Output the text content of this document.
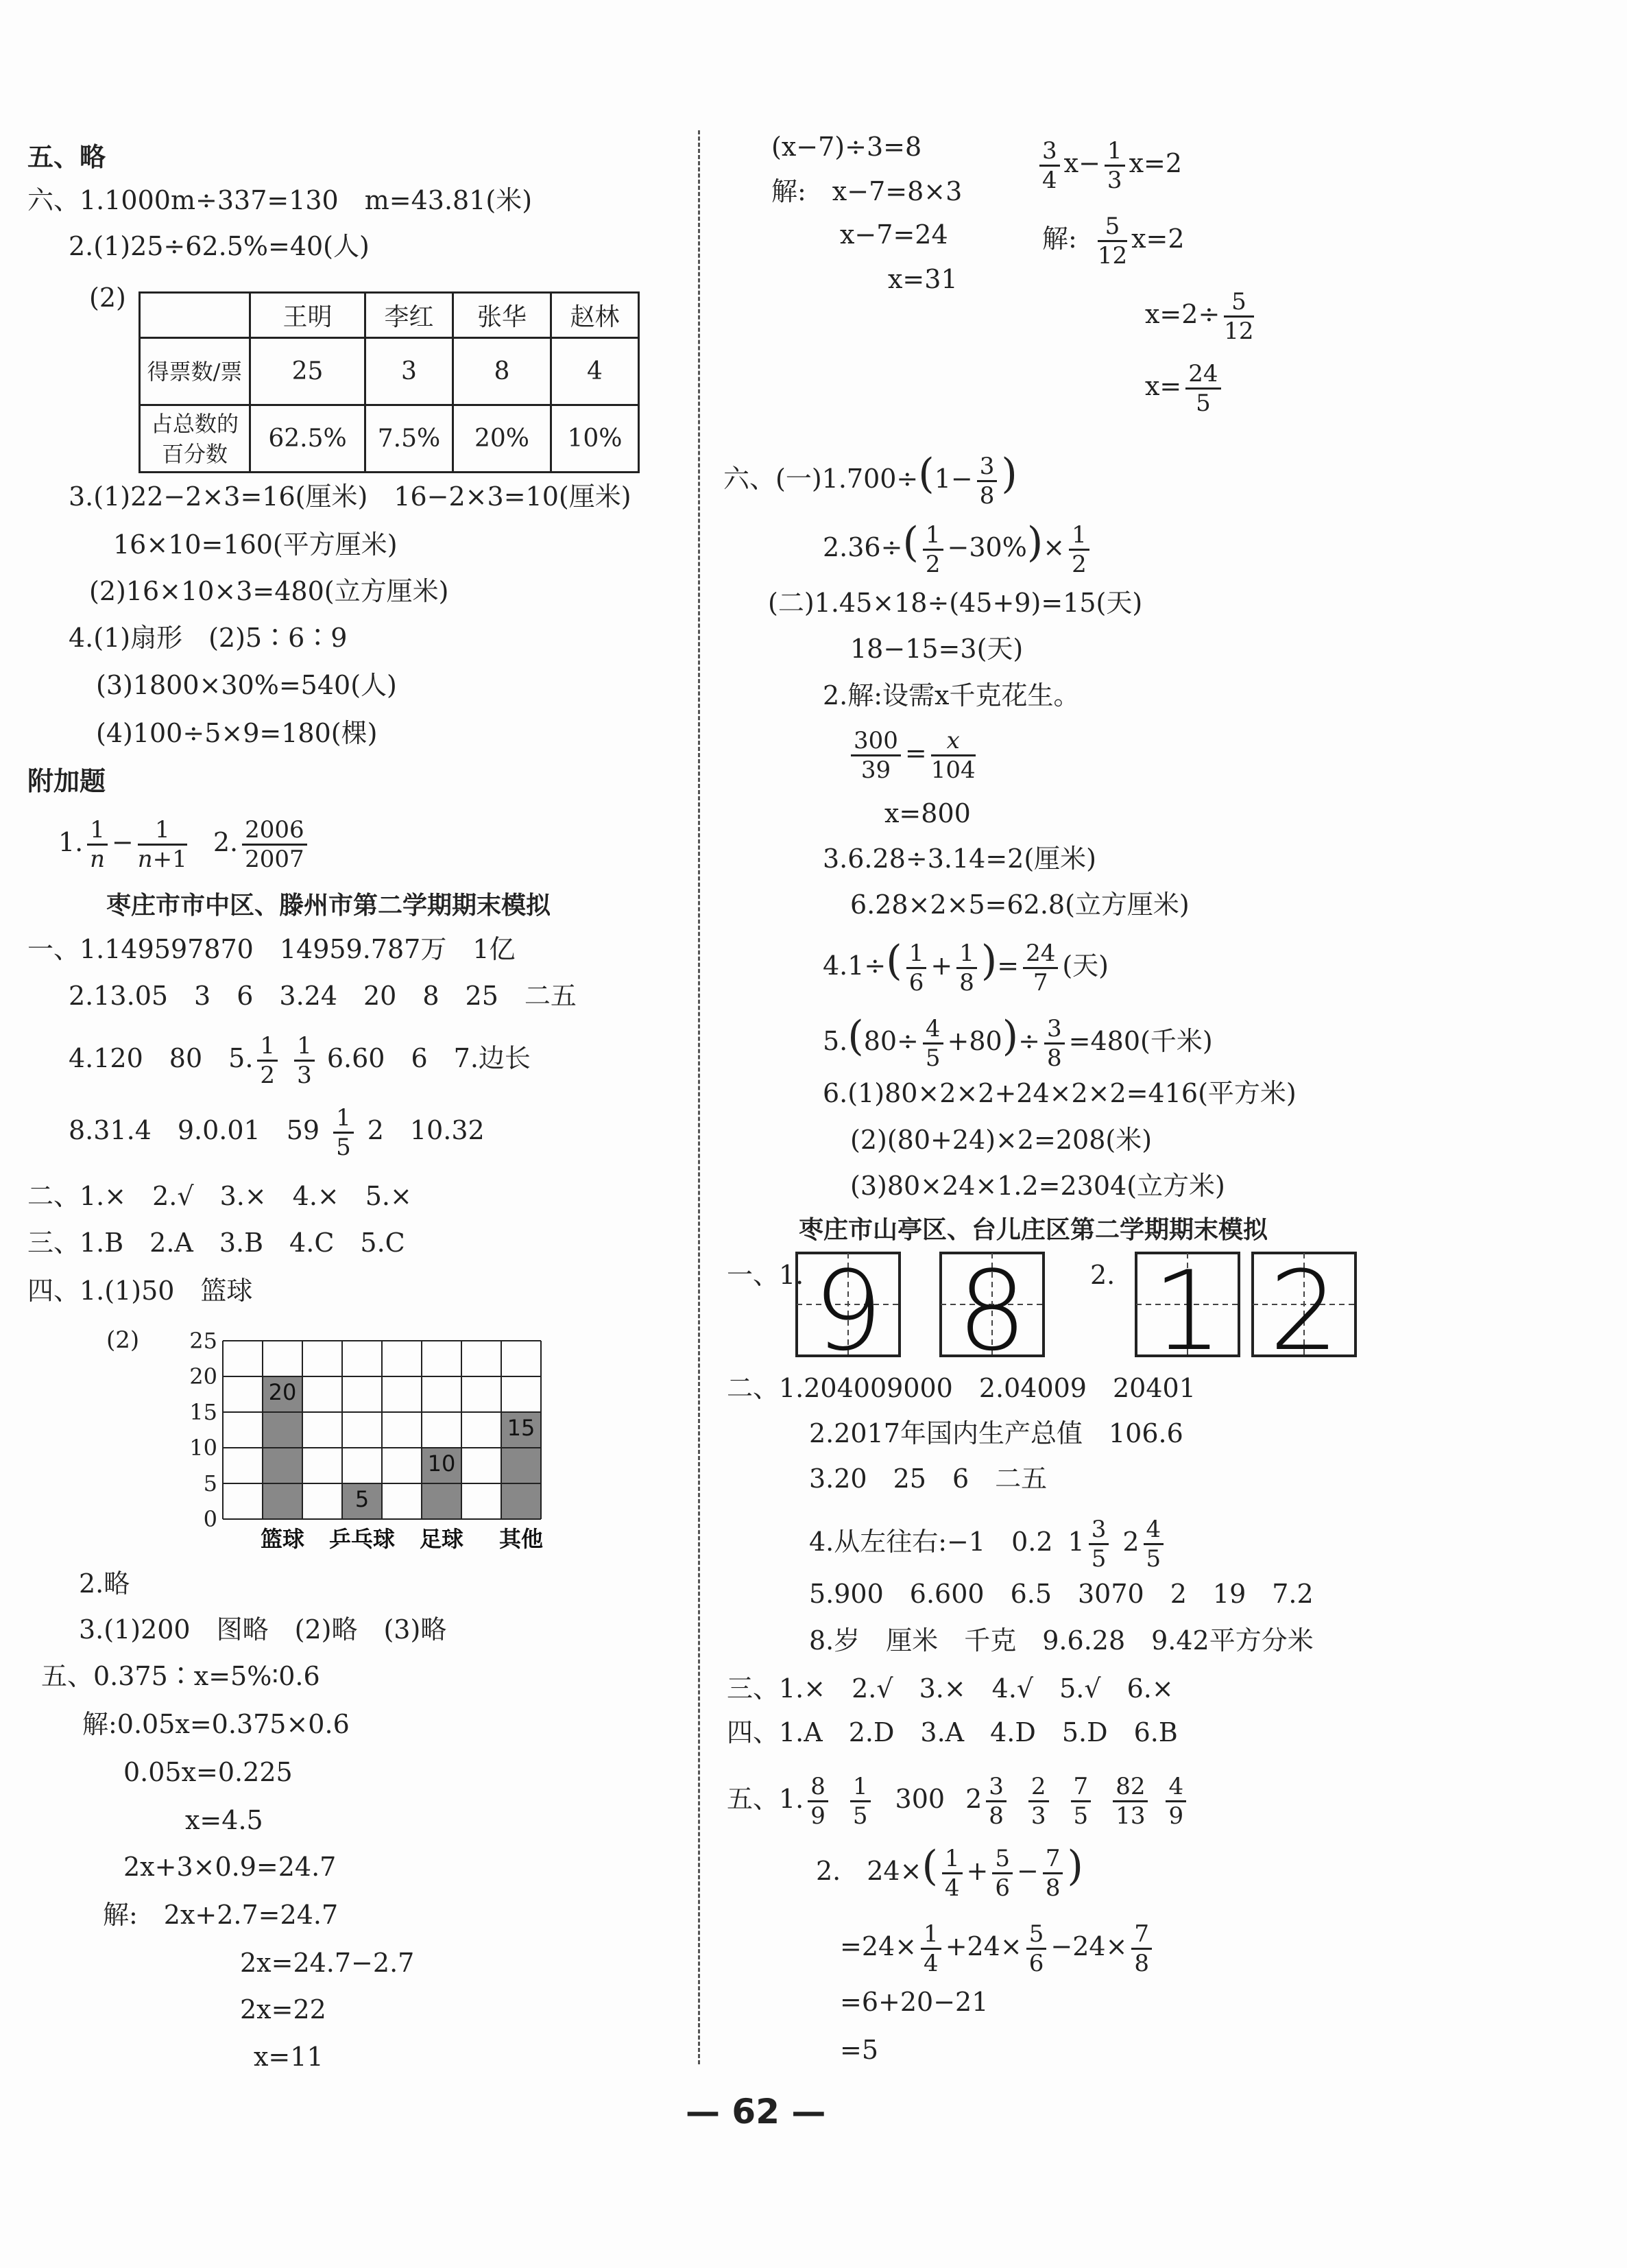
五、略
六、1.1000m÷337=130　m=43.81(米)
2.(1)25÷62.5%=40(人)
(2)
	王明	李红	张华	赵林
得票数/票	25	3	8	4
占总数的百分数	62.5%	7.5%	20%	10%
3.(1)22−2×3=16(厘米)　16−2×3=10(厘米)
16×10=160(平方厘米)
(2)16×10×3=480(立方厘米)
4.(1)扇形　(2)5∶6∶9
(3)1800×30%=540(人)
(4)100÷5×9=180(棵)
附加题
1. $\frac{1}{n} - \frac{1}{n+1} 2$. $\frac{2006}{2007}$
枣庄市市中区、滕州市第二学期期末模拟
一、1.149597870　14959.787万　1亿
2.13.05　3　6　3.24　20　8　25　二五
4.120　80　5. $\frac{1}{2}$
$\frac{1}{3} 6.60$　6　7.边长
8.31.4　9.0.01　$59 \frac{1}{5} 2$　10.32
二、1.×　2.√　3.×　4.×　5.×
三、1.B　2.A　3.B　4.C　5.C
四、1.(1)50　篮球
(2)
20
5
10
15
0
5
10
15
20
25
篮球 乒乓球 足球 其他
2.略
3.(1)200　图略　(2)略　(3)略
五、0.375∶x=5%∶0.6
解:0.05x=0.375×0.6
0.05x=0.225
x=4.5
2x+3×0.9=24.7
解:　2x+2.7=24.7
2x=24.7−2.7
2x=22
x=11
(x−7)÷3=8
解:　x−7=8×3
x−7=24
x=31
$\frac{3}{4} x- \frac{1}{3} x=2$
解: $\frac{5}{12} x=2$
$x=2\div \frac{5}{12}$
$x= \frac{24}{5}$
六、(一)$1.700\div(1- \frac{3}{8}$ )
$2.36\div( \frac{1}{2} -30\%)\times \frac{1}{2}$
(二)1.45×18÷(45+9)=15(天)
18−15=3(天)
2.解:设需x千克花生。
$\frac{300}{39} = \frac{x}{104}$
x=800
3.6.28÷3.14=2(厘米)
6.28×2×5=62.8(立方厘米)
$4.1\div( \frac{1}{6} + \frac{1}{8}$ )= $\frac{24}{7}$ (天)
$5.(80\div \frac{4}{5} +80)\div \frac{3}{8} =480$(千米)
6.(1)80×2×2+24×2×2=416(平方米)
(2)(80+24)×2=208(米)
(3)80×24×1.2=2304(立方米)
枣庄市山亭区、台儿庄区第二学期期末模拟
一、1.	2.
9 8 1 2
二、1.204009000　2.04009　20401
2.2017年国内生产总值　106.6
3.20　25　6　二五
4.从左往右:−1　0.2 $1 \frac{3}{5} 2 \frac{4}{5}$
5.900　6.600　6.5　3070　2　19　7.2
8.岁　厘米　千克　9.6.28　9.42平方分米
三、1.×　2.√　3.×　4.√　5.√　6.×
四、1.A　2.D　3.A　4.D　5.D　6.B
五、1. $\frac{8}{9} \frac{1}{5} 300$ $2 \frac{3}{8} \frac{2}{3} \frac{7}{5} \frac{82}{13} \frac{4}{9}$
2.　$24\times( \frac{1}{4} + \frac{5}{6} - \frac{7}{8}$ )
$=24\times \frac{1}{4} +24\times \frac{5}{6} -24\times \frac{7}{8}$
=6+20−21
=5
— 62 —
